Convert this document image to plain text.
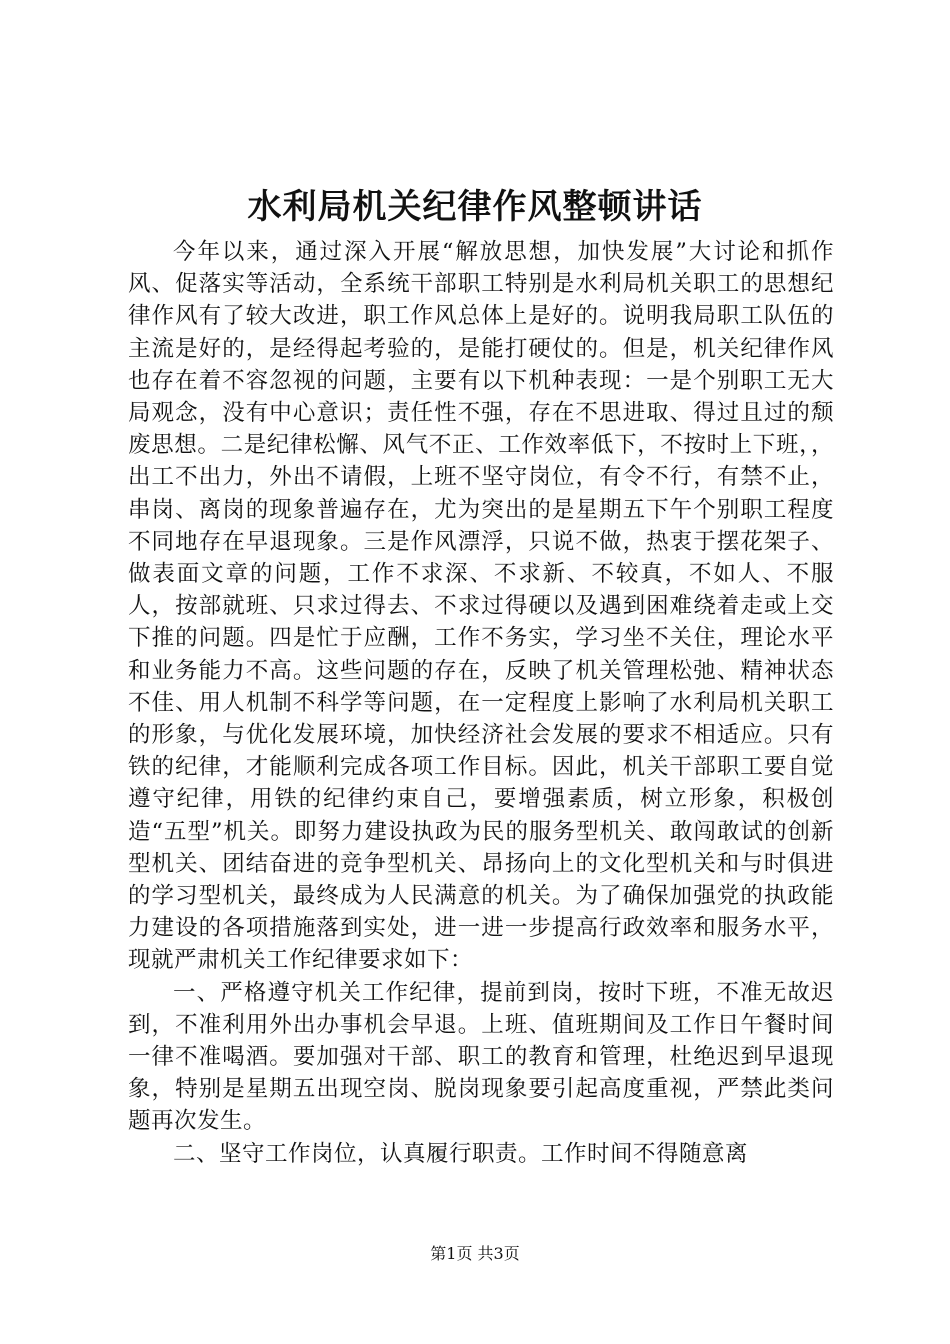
水利局机关纪律作风整顿讲话

今年以来，通过深入开展“解放思想，加快发展”大讨论和抓作风、促落实等活动，全系统干部职工特别是水利局机关职工的思想纪律作风有了较大改进，职工作风总体上是好的。说明我局职工队伍的主流是好的，是经得起考验的，是能打硬仗的。但是，机关纪律作风也存在着不容忽视的问题，主要有以下机种表现：一是个别职工无大局观念，没有中心意识；责任性不强，存在不思进取、得过且过的颓废思想。二是纪律松懈、风气不正、工作效率低下，不按时上下班，，出工不出力，外出不请假，上班不坚守岗位，有令不行，有禁不止，串岗、离岗的现象普遍存在，尤为突出的是星期五下午个别职工程度不同地存在早退现象。三是作风漂浮，只说不做，热衷于摆花架子、做表面文章的问题，工作不求深、不求新、不较真，不如人、不服人，按部就班、只求过得去、不求过得硬以及遇到困难绕着走或上交下推的问题。四是忙于应酬，工作不务实，学习坐不关住，理论水平和业务能力不高。这些问题的存在，反映了机关管理松弛、精神状态不佳、用人机制不科学等问题，在一定程度上影响了水利局机关职工的形象，与优化发展环境，加快经济社会发展的要求不相适应。只有铁的纪律，才能顺利完成各项工作目标。因此，机关干部职工要自觉遵守纪律，用铁的纪律约束自己，要增强素质，树立形象，积极创造“五型”机关。即努力建设执政为民的服务型机关、敢闯敢试的创新型机关、团结奋进的竞争型机关、昂扬向上的文化型机关和与时俱进的学习型机关，最终成为人民满意的机关。为了确保加强党的执政能力建设的各项措施落到实处，进一进一步提高行政效率和服务水平，现就严肃机关工作纪律要求如下：

一、严格遵守机关工作纪律，提前到岗，按时下班，不准无故迟到，不准利用外出办事机会早退。上班、值班期间及工作日午餐时间一律不准喝酒。要加强对干部、职工的教育和管理，杜绝迟到早退现象，特别是星期五出现空岗、脱岗现象要引起高度重视，严禁此类问题再次发生。

二、坚守工作岗位，认真履行职责。工作时间不得随意离

第1页 共3页
